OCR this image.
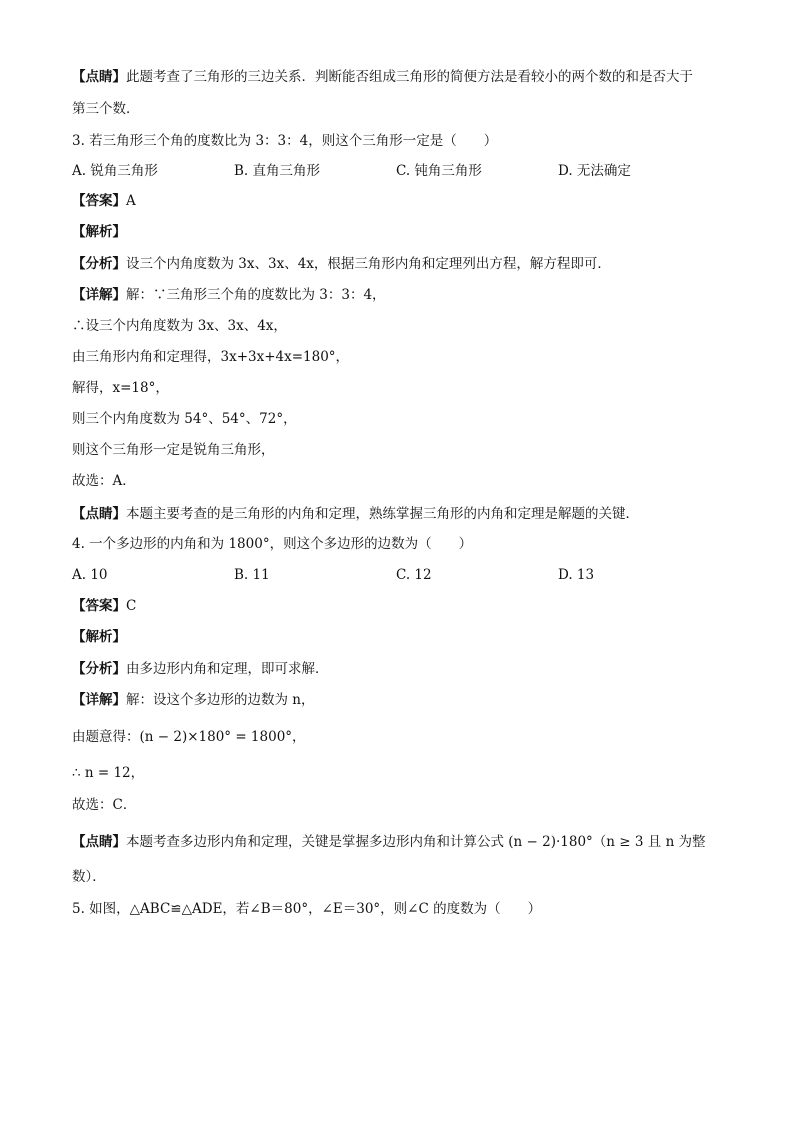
【点睛】此题考查了三角形的三边关系．判断能否组成三角形的简便方法是看较小的两个数的和是否大于
第三个数．
3. 若三角形三个角的度数比为 3：3：4，则这个三角形一定是（　　）
A. 锐角三角形	B. 直角三角形	C. 钝角三角形	D. 无法确定
【答案】A
【解析】
【分析】设三个内角度数为 3x、3x、4x，根据三角形内角和定理列出方程，解方程即可．
【详解】解：∵三角形三个角的度数比为 3：3：4，
∴设三个内角度数为 3x、3x、4x，
由三角形内角和定理得，3x+3x+4x=180°，
解得，x=18°，
则三个内角度数为 54°、54°、72°，
则这个三角形一定是锐角三角形，
故选：A．
【点睛】本题主要考查的是三角形的内角和定理，熟练掌握三角形的内角和定理是解题的关键．
4. 一个多边形的内角和为 1800°，则这个多边形的边数为（　　）
A. 10	B. 11	C. 12	D. 13
【答案】C
【解析】
【分析】由多边形内角和定理，即可求解．
【详解】解：设这个多边形的边数为 n，
由题意得：(n − 2)×180° = 1800°，
∴ n = 12，
故选：C．
【点睛】本题考查多边形内角和定理，关键是掌握多边形内角和计算公式 (n − 2)·180°（n ≥ 3 且 n 为整
数）．
5. 如图，△ABC≌△ADE，若∠B＝80°，∠E＝30°，则∠C 的度数为（　　）
